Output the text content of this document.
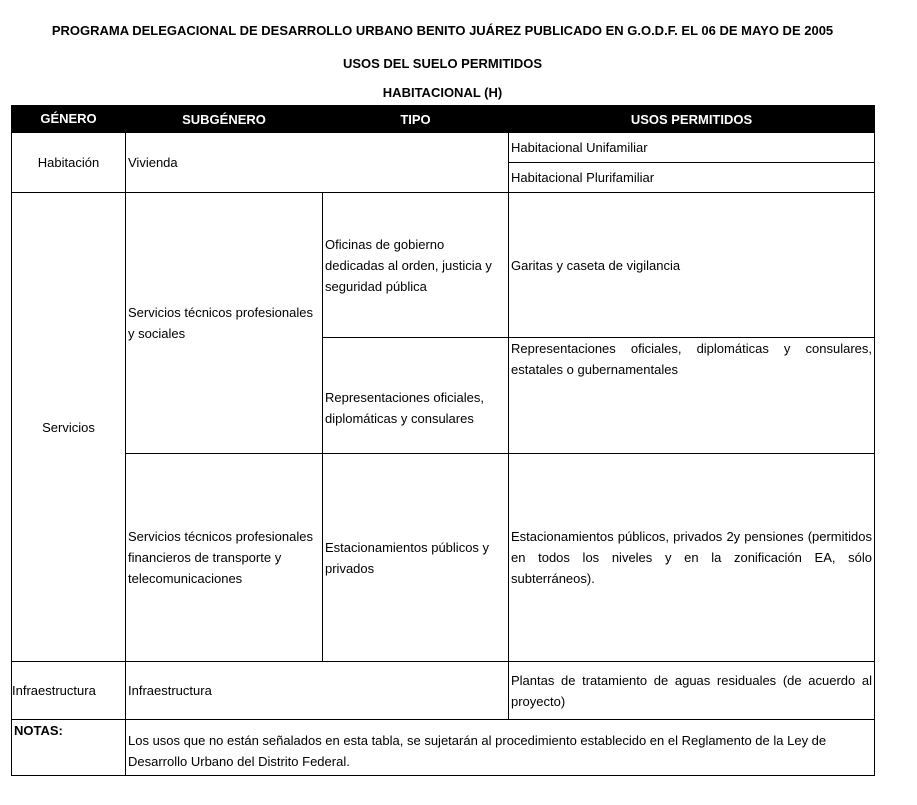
PROGRAMA DELEGACIONAL DE DESARROLLO URBANO BENITO JUÁREZ PUBLICADO EN G.O.D.F. EL 06 DE MAYO DE 2005
USOS DEL SUELO PERMITIDOS
HABITACIONAL (H)
GÉNERO	SUBGÉNERO	TIPO	USOS PERMITIDOS
Habitación	Vivienda		Habitacional Unifamiliar
			Habitacional Plurifamiliar
Servicios	Servicios técnicos profesionales y sociales	Oficinas de gobierno dedicadas al orden, justicia y seguridad pública	Garitas y caseta de vigilancia
		Representaciones oficiales, diplomáticas y consulares	Representaciones oficiales, diplomáticas y consulares, estatales o gubernamentales
	Servicios técnicos profesionales financieros de transporte y telecomunicaciones	Estacionamientos públicos y privados	Estacionamientos públicos, privados 2y pensiones (permitidos en todos los niveles y en la zonificación EA, sólo subterráneos).
Infraestructura	Infraestructura		Plantas de tratamiento de aguas residuales (de acuerdo al proyecto)
NOTAS:	Los usos que no están señalados en esta tabla, se sujetarán al procedimiento establecido en el Reglamento de la Ley de Desarrollo Urbano del Distrito Federal.		
